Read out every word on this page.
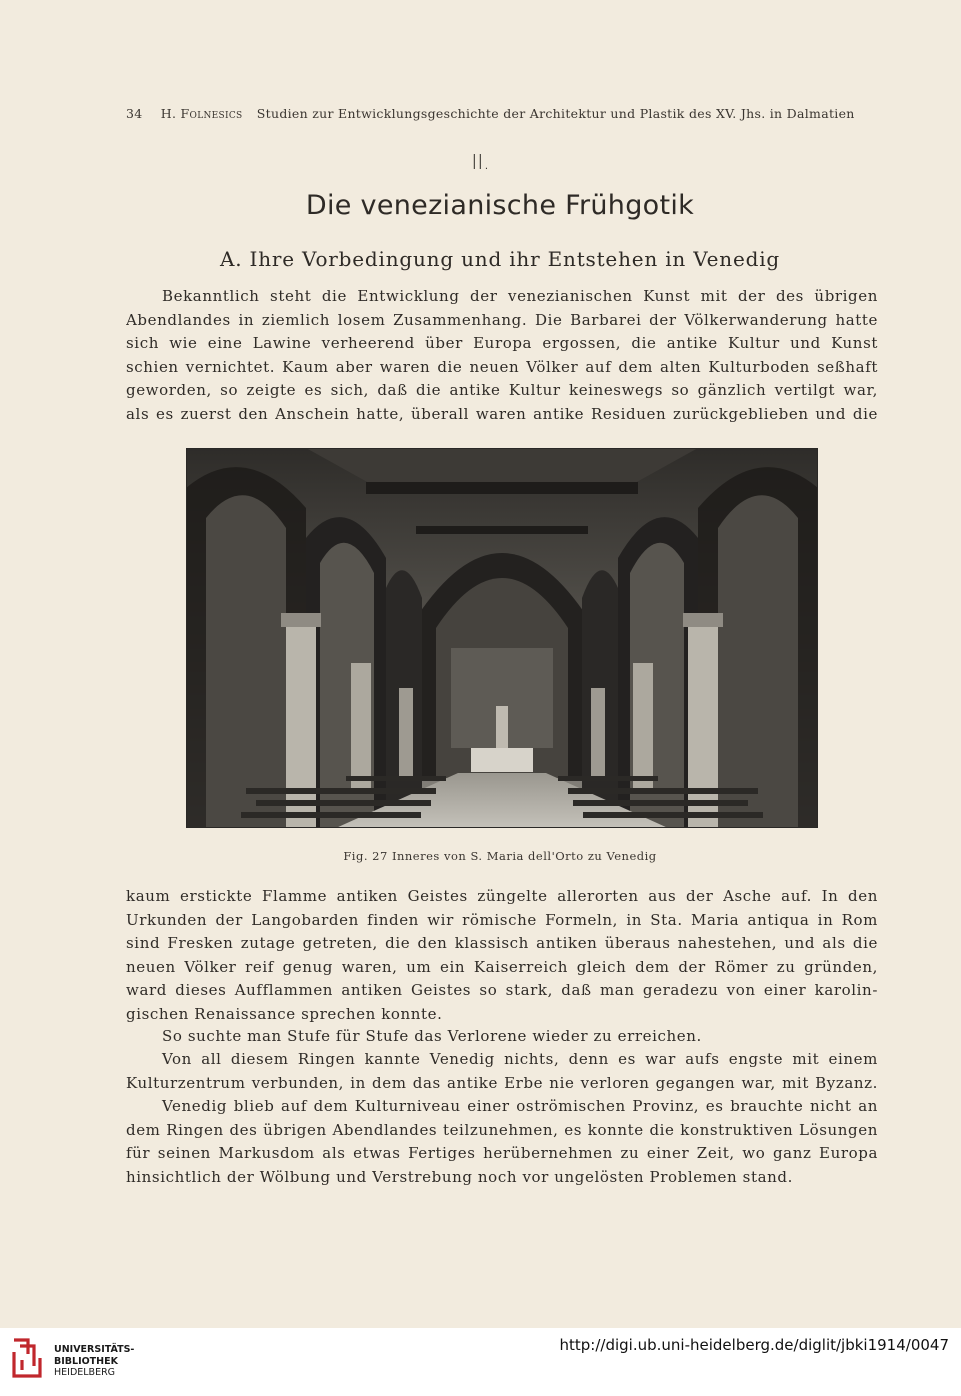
34 H. Folnesics Studien zur Entwicklungsgeschichte der Architektur und Plastik des XV. Jhs. in Dalmatien
II.
Die venezianische Frühgotik
A. Ihre Vorbedingung und ihr Entstehen in Venedig
Bekanntlich steht die Entwicklung der venezianischen Kunst mit der des übrigen
Abendlandes in ziemlich losem Zusammenhang. Die Barbarei der Völkerwanderung hatte
sich wie eine Lawine verheerend über Europa ergossen, die antike Kultur und Kunst
schien vernichtet. Kaum aber waren die neuen Völker auf dem alten Kulturboden seßhaft
geworden, so zeigte es sich, daß die antike Kultur keineswegs so gänzlich vertilgt war,
als es zuerst den Anschein hatte, überall waren antike Residuen zurückgeblieben und die
Fig. 27 Inneres von S. Maria dell'Orto zu Venedig
kaum erstickte Flamme antiken Geistes züngelte allerorten aus der Asche auf. In den
Urkunden der Langobarden finden wir römische Formeln, in Sta. Maria antiqua in Rom
sind Fresken zutage getreten, die den klassisch antiken überaus nahestehen, und als die
neuen Völker reif genug waren, um ein Kaiserreich gleich dem der Römer zu gründen,
ward dieses Aufflammen antiken Geistes so stark, daß man geradezu von einer karolin-
gischen Renaissance sprechen konnte.
So suchte man Stufe für Stufe das Verlorene wieder zu erreichen.
Von all diesem Ringen kannte Venedig nichts, denn es war aufs engste mit einem
Kulturzentrum verbunden, in dem das antike Erbe nie verloren gegangen war, mit Byzanz.
Venedig blieb auf dem Kulturniveau einer oströmischen Provinz, es brauchte nicht an
dem Ringen des übrigen Abendlandes teilzunehmen, es konnte die konstruktiven Lösungen
für seinen Markusdom als etwas Fertiges herübernehmen zu einer Zeit, wo ganz Europa
hinsichtlich der Wölbung und Verstrebung noch vor ungelösten Problemen stand.
UNIVERSITÄTS-
BIBLIOTHEK
HEIDELBERG
http://digi.ub.uni-heidelberg.de/diglit/jbki1914/0047
